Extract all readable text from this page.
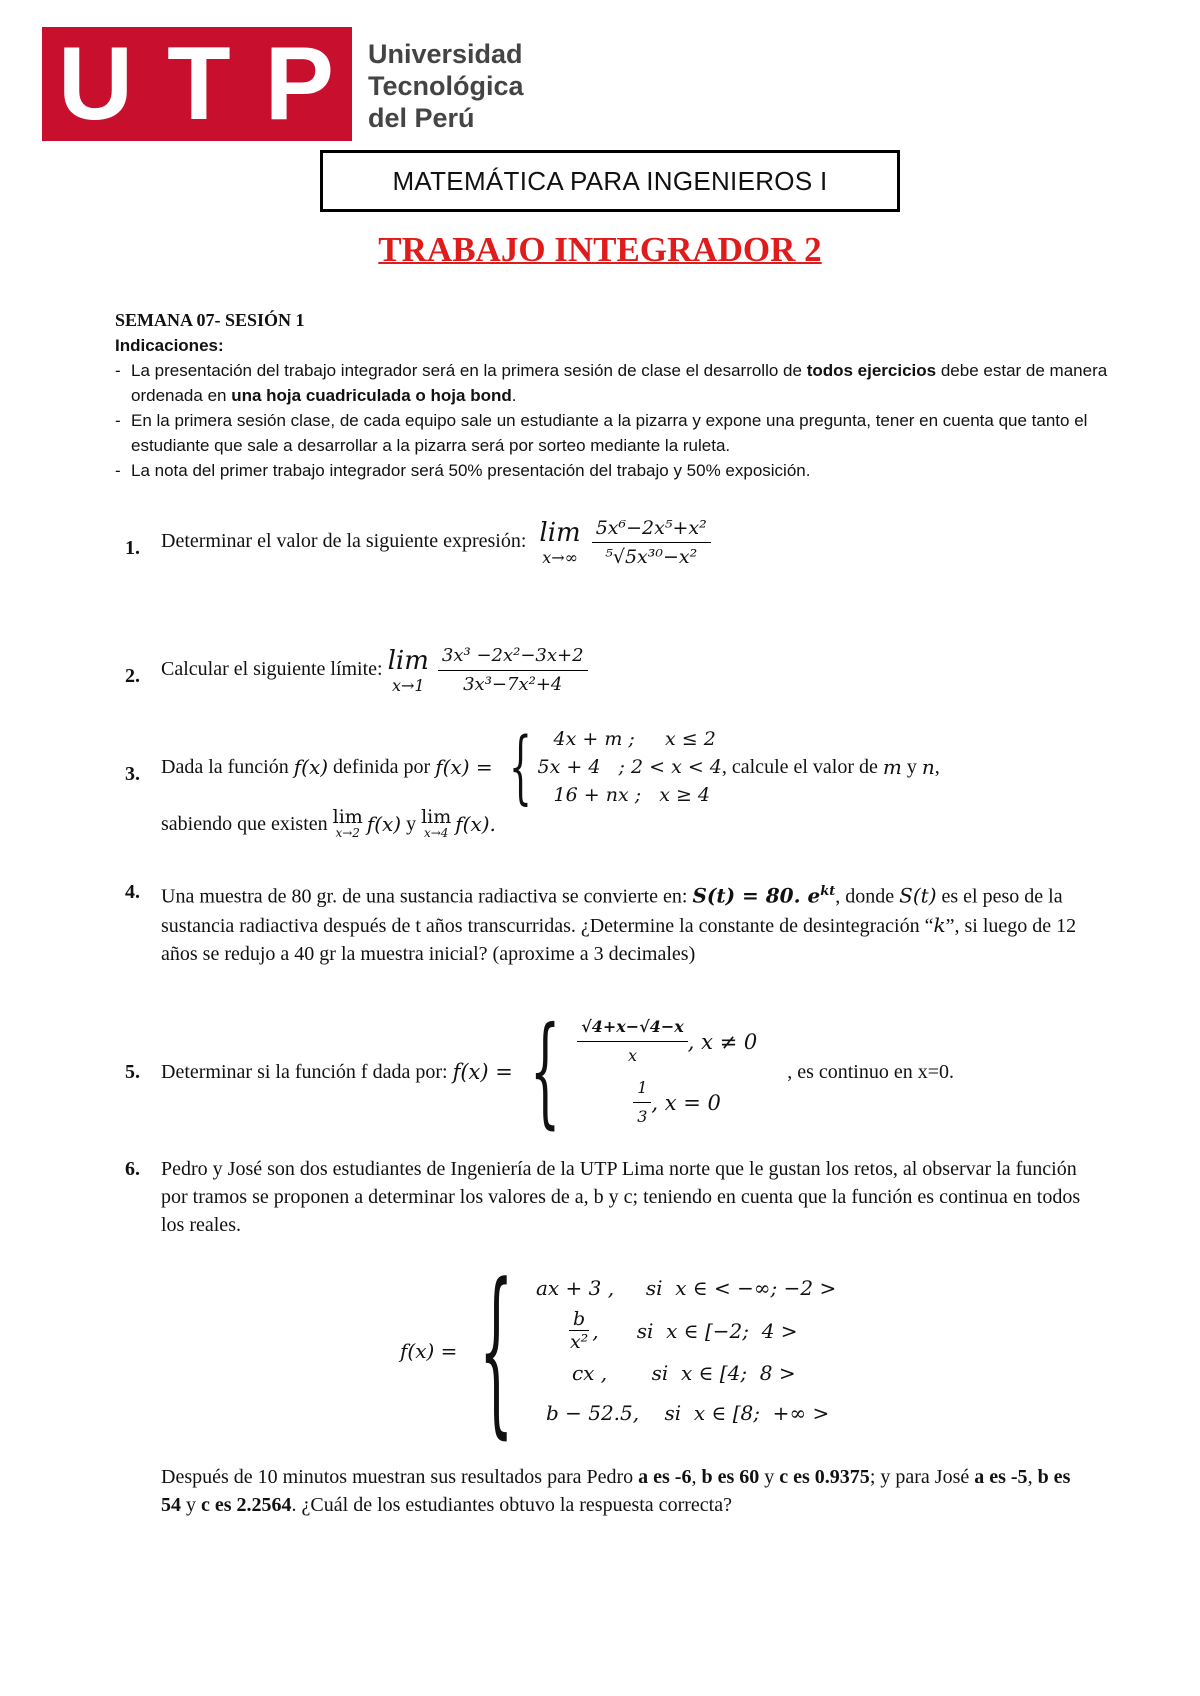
U T P Universidad
Tecnológica
del Perú
MATEMÁTICA PARA INGENIEROS I
TRABAJO INTEGRADOR 2
SEMANA 07- SESIÓN 1
Indicaciones:
- La presentación del trabajo integrador será en la primera sesión de clase el desarrollo de todos ejercicios debe estar de manera ordenada en una hoja cuadriculada o hoja bond.
- En la primera sesión clase, de cada equipo sale un estudiante a la pizarra y expone una pregunta, tener en cuenta que tanto el estudiante que sale a desarrollar a la pizarra será por sorteo mediante la ruleta.
- La nota del primer trabajo integrador será 50% presentación del trabajo y 50% exposición.
1. Determinar el valor de la siguiente expresión: lim
x→∞
$\frac{\text{5x⁶−2x⁵+x²}}{\text{⁵√5x³⁰−x²}}$
2. Calcular el siguiente límite: lim
x→1
$\frac{\text{3x³ −2x²−3x+2}}{\text{3x³−7x²+4}}$
3. Dada la función
f(x)
definida por
f(x) = {	4x + m ;     x ≤ 2
5x + 4   ; 2 < x < 4
16 + nx ;   x ≥ 4
, calcule el valor de
m
y
n ,
sabiendo que existen
lim
x→2 f(x)
y
lim
x→4 f(x).
4. Una muestra de 80 gr. de una sustancia radiactiva se convierte en: S(t) = 80. $e^{kt}$, donde S(t) es el peso de la sustancia radiactiva después de t años transcurridas. ¿Determine la constante de desintegración “k”, si luego de 12 años se redujo a 40 gr la muestra inicial? (aproxime a 3 decimales)
5. Determinar si la función f dada por:
f(x) = { $\frac{√4+x-√4-x}{x}$ , x ≠ 0
$\frac{1}{3}$ , x = 0
, es continuo en x=0.
6. Pedro y José son dos estudiantes de Ingeniería de la UTP Lima norte que le gustan los retos, al observar la función por tramos se proponen a determinar los valores de a, b y c; teniendo en cuenta que la función es continua en todos los reales.
f(x) = { ax + 3 ,     si  x ∈ < −∞; −2 >
$\frac{b}{\text{x²}}$ ,      si  x ∈ [−2;  4 >
cx ,       si  x ∈ [4;  8 >
b − 52.5,    si  x ∈ [8;  +∞ >
Después de 10 minutos muestran sus resultados para Pedro a es -6, b es 60 y c es 0.9375; y para José a es -5, b es 54 y c es 2.2564. ¿Cuál de los estudiantes obtuvo la respuesta correcta?
